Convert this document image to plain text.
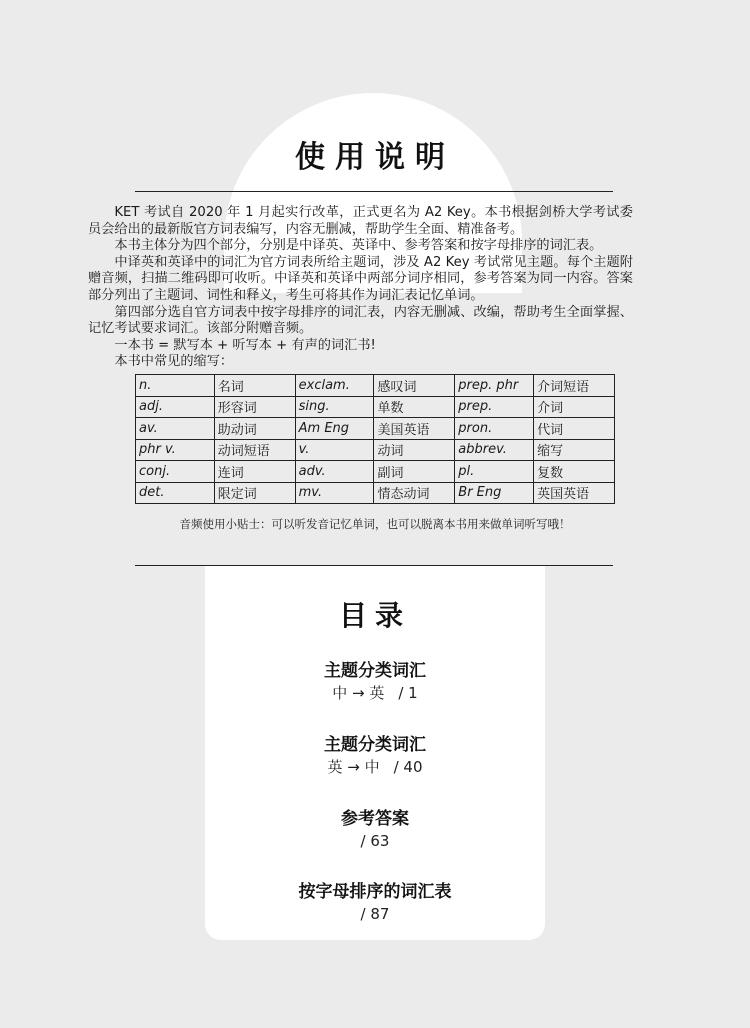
使用说明

KET 考试自 2020 年 1 月起实行改革，正式更名为 A2 Key。本书根据剑桥大学考试委员会给出的最新版官方词表编写，内容无删减，帮助学生全面、精准备考。

本书主体分为四个部分，分别是中译英、英译中、参考答案和按字母排序的词汇表。

中译英和英译中的词汇为官方词表所给主题词，涉及 A2 Key 考试常见主题。每个主题附赠音频，扫描二维码即可收听。中译英和英译中两部分词序相同，参考答案为同一内容。答案部分列出了主题词、词性和释义，考生可将其作为词汇表记忆单词。

第四部分选自官方词表中按字母排序的词汇表，内容无删减、改编，帮助考生全面掌握、记忆考试要求词汇。该部分附赠音频。

一本书 = 默写本 + 听写本 + 有声的词汇书!

本书中常见的缩写：

n.	名词	exclam.	感叹词	prep. phr	介词短语
adj.	形容词	sing.	单数	prep.	介词
av.	助动词	Am Eng	美国英语	pron.	代词
phr v.	动词短语	v.	动词	abbrev.	缩写
conj.	连词	adv.	副词	pl.	复数
det.	限定词	mv.	情态动词	Br Eng	英国英语
音频使用小贴士：可以听发音记忆单词，也可以脱离本书用来做单词听写哦！
目录
主题分类词汇
中 → 英 / 1
主题分类词汇
英 → 中 / 40
参考答案
/ 63
按字母排序的词汇表
/ 87
